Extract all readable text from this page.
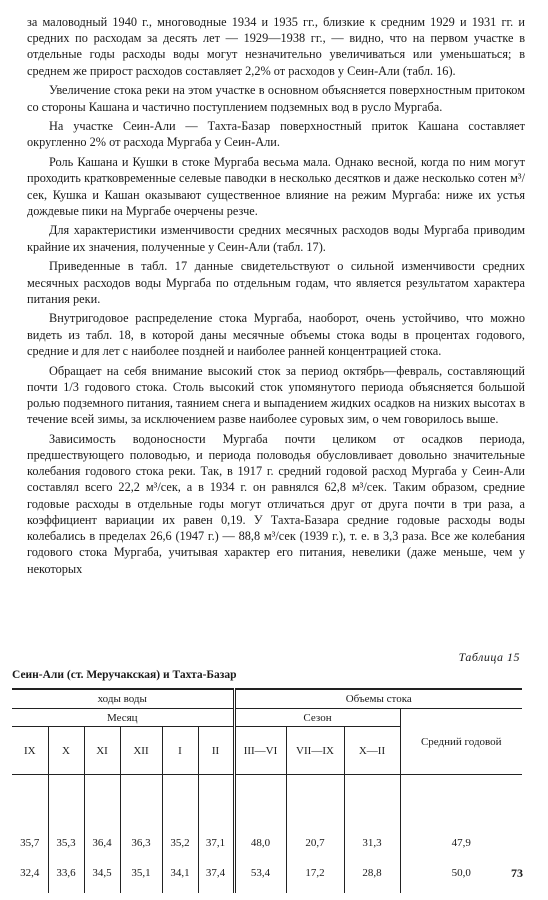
за маловодный 1940 г., многоводные 1934 и 1935 гг., близкие к средним 1929 и 1931 гг. и средних по расходам за десять лет — 1929—1938 гг., — видно, что на первом участке в отдельные годы расходы воды могут незначительно увеличиваться или уменьшаться; в среднем же прирост расходов составляет 2,2% от расходов у Сеин-Али (табл. 16).

Увеличение стока реки на этом участке в основном объясняется поверхностным притоком со стороны Кашана и частично поступлением подземных вод в русло Мургаба.

На участке Сеин-Али — Тахта-Базар поверхностный приток Кашана составляет округленно 2% от расхода Мургаба у Сеин-Али.

Роль Кашана и Кушки в стоке Мургаба весьма мала. Однако весной, когда по ним могут проходить кратковременные селевые паводки в несколько десятков и даже несколько сотен м³/сек, Кушка и Кашан оказывают существенное влияние на режим Мургаба: ниже их устья дождевые пики на Мургабе очерчены резче.

Для характеристики изменчивости средних месячных расходов воды Мургаба приводим крайние их значения, полученные у Сеин-Али (табл. 17).

Приведенные в табл. 17 данные свидетельствуют о сильной изменчивости средних месячных расходов воды Мургаба по отдельным годам, что является результатом характера питания реки.

Внутригодовое распределение стока Мургаба, наоборот, очень устойчиво, что можно видеть из табл. 18, в которой даны месячные объемы стока воды в процентах годового, средние и для лет с наиболее поздней и наиболее ранней концентрацией стока.

Обращает на себя внимание высокий сток за период октябрь—февраль, составляющий почти 1/3 годового стока. Столь высокий сток упомянутого периода объясняется большой ролью подземного питания, таянием снега и выпадением жидких осадков на низких высотах в течение всей зимы, за исключением разве наиболее суровых зим, о чем говорилось выше.

Зависимость водоносности Мургаба почти целиком от осадков периода, предшествующего половодью, и периода половодья обусловливает довольно значительные колебания годового стока реки. Так, в 1917 г. средний годовой расход Мургаба у Сеин-Али составлял всего 22,2 м³/сек, а в 1934 г. он равнялся 62,8 м³/сек. Таким образом, средние годовые расходы в отдельные годы могут отличаться друг от друга почти в три раза, а коэффициент вариации их равен 0,19. У Тахта-Базара средние годовые расходы воды колебались в пределах 26,6 (1947 г.) — 88,8 м³/сек (1939 г.), т. е. в 3,3 раза. Все же колебания годового стока Мургаба, учитывая характер его питания, невелики (даже меньше, чем у некоторых

Таблица 15
Сеин-Али (ст. Меручакская) и Тахта-Базар
ходы воды						Объемы стока			
Месяц						Сезон			Средний годовой
IX	X	XI	XII	I	II	III—VI	VII—IX	X—II	
35,7	35,3	36,4	36,3	35,2	37,1	48,0	20,7	31,3	47,9
32,4	33,6	34,5	35,1	34,1	37,4	53,4	17,2	28,8	50,0	73
